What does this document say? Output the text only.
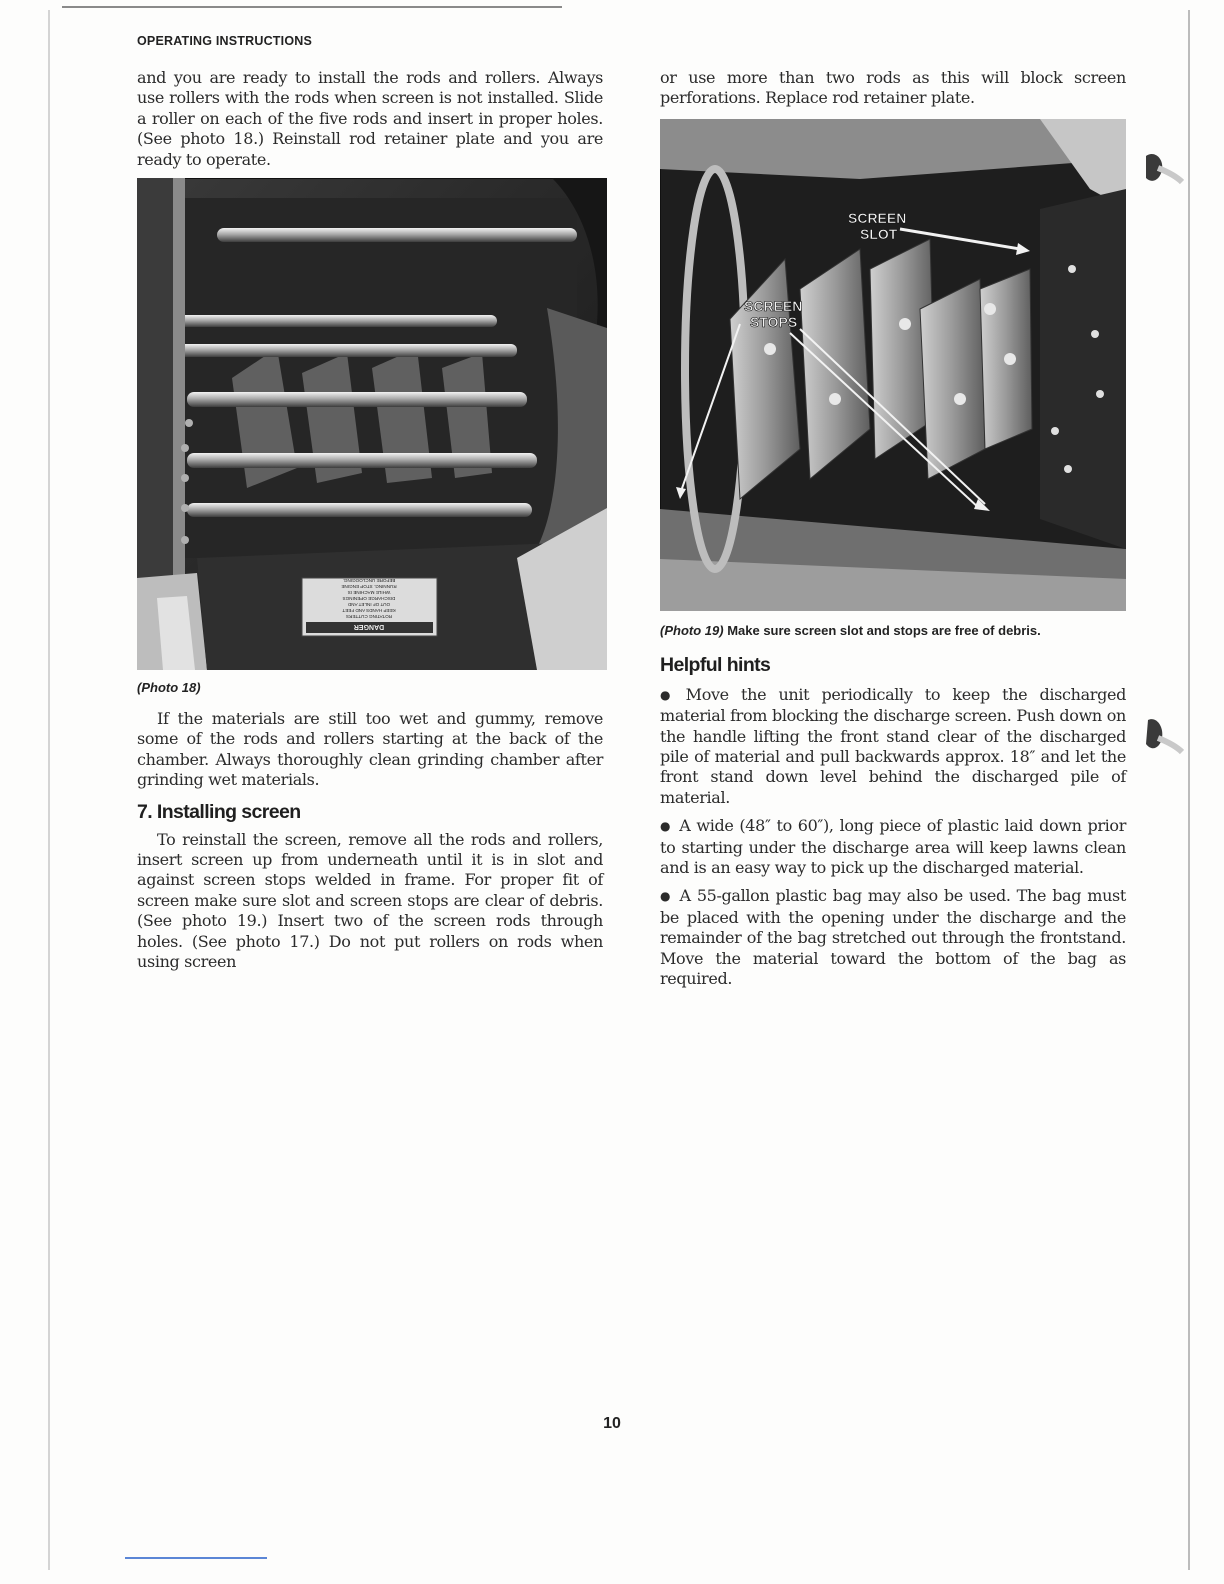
OPERATING INSTRUCTIONS

and you are ready to install the rods and rollers. Always use rollers with the rods when screen is not installed. Slide a roller on each of the five rods and insert in proper holes. (See photo 18.) Reinstall rod retainer plate and you are ready to operate.

DANGER
ROTATING CUTTERS
KEEP HANDS AND FEET
OUT OF INLET AND
DISCHARGE OPENINGS
WHILE MACHINE IS
RUNNING. STOP ENGINE
BEFORE UNCLOGGING.
(Photo 18)

If the materials are still too wet and gummy, remove some of the rods and rollers starting at the back of the chamber. Always thoroughly clean grinding chamber after grinding wet materials.

7. Installing screen

To reinstall the screen, remove all the rods and rollers, insert screen up from underneath until it is in slot and against screen stops welded in frame. For proper fit of screen make sure slot and screen stops are clear of debris. (See photo 19.) Insert two of the screen rods through holes. (See photo 17.) Do not put rollers on rods when using screen

or use more than two rods as this will block screen perforations. Replace rod retainer plate.

SCREEN
SLOT
SCREEN
STOPS
(Photo 19) Make sure screen slot and stops are free of debris.
Helpful hints

● Move the unit periodically to keep the discharged material from blocking the discharge screen. Push down on the handle lifting the front stand clear of the discharged pile of material and pull backwards approx. 18″ and let the front stand down level behind the discharged pile of material.

● A wide (48″ to 60″), long piece of plastic laid down prior to starting under the discharge area will keep lawns clean and is an easy way to pick up the discharged material.

● A 55-gallon plastic bag may also be used. The bag must be placed with the opening under the discharge and the remainder of the bag stretched out through the frontstand. Move the material toward the bottom of the bag as required.

10
